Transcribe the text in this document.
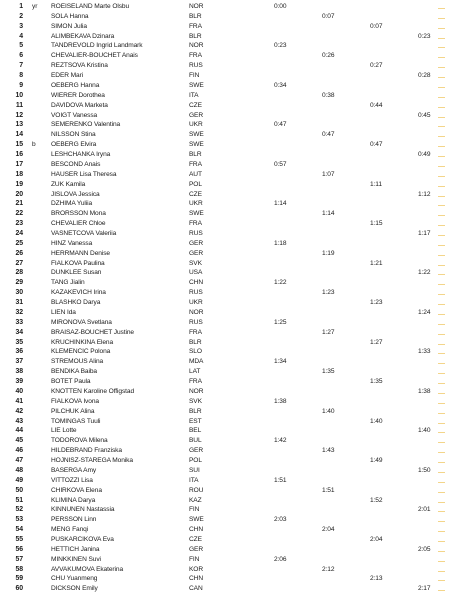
1 yr ROEISELAND Marte Olsbu	NOR	0:00
2	SOLA Hanna	BLR	0:07
3	SIMON Julia	FRA	0:07
4	ALIMBEKAVA Dzinara	BLR	0:23
5	TANDREVOLD Ingrid Landmark	NOR	0:23
6	CHEVALIER-BOUCHET Anais	FRA	0:26
7	REZTSOVA Kristina	RUS	0:27
8	EDER Mari	FIN	0:28
9	OEBERG Hanna	SWE	0:34
10	WIERER Dorothea	ITA	0:38
11	DAVIDOVA Marketa	CZE	0:44
12	VOIGT Vanessa	GER	0:45
13	SEMERENKO Valentina	UKR	0:47
14	NILSSON Stina	SWE	0:47
15 b OEBERG Elvira	SWE	0:47
16	LESHCHANKA Iryna	BLR	0:49
17	BESCOND Anais	FRA	0:57
18	HAUSER Lisa Theresa	AUT	1:07
19	ZUK Kamila	POL	1:11
20	JISLOVA Jessica	CZE	1:12
21	DZHIMA Yuliia	UKR	1:14
22	BRORSSON Mona	SWE	1:14
23	CHEVALIER Chloe	FRA	1:15
24	VASNETCOVA Valeriia	RUS	1:17
25	HINZ Vanessa	GER	1:18
26	HERRMANN Denise	GER	1:19
27	FIALKOVA Paulina	SVK	1:21
28	DUNKLEE Susan	USA	1:22
29	TANG Jialin	CHN	1:22
30	KAZAKEVICH Irina	RUS	1:23
31	BLASHKO Darya	UKR	1:23
32	LIEN Ida	NOR	1:24
33	MIRONOVA Svetlana	RUS	1:25
34	BRAISAZ-BOUCHET Justine	FRA	1:27
35	KRUCHINKINA Elena	BLR	1:27
36	KLEMENCIC Polona	SLO	1:33
37	STREMOUS Alina	MDA	1:34
38	BENDIKA Baiba	LAT	1:35
39	BOTET Paula	FRA	1:35
40	KNOTTEN Karoline Offigstad	NOR	1:38
41	FIALKOVA Ivona	SVK	1:38
42	PILCHUK Alina	BLR	1:40
43	TOMINGAS Tuuli	EST	1:40
44	LIE Lotte	BEL	1:40
45	TODOROVA Milena	BUL	1:42
46	HILDEBRAND Franziska	GER	1:43
47	HOJNISZ-STAREGA Monika	POL	1:49
48	BASERGA Amy	SUI	1:50
49	VITTOZZI Lisa	ITA	1:51
50	CHIRKOVA Elena	ROU	1:51
51	KLIMINA Darya	KAZ	1:52
52	KINNUNEN Nastassia	FIN	2:01
53	PERSSON Linn	SWE	2:03
54	MENG Fanqi	CHN	2:04
55	PUSKARCIKOVA Eva	CZE	2:04
56	HETTICH Janina	GER	2:05
57	MINKKINEN Suvi	FIN	2:06
58	AVVAKUMOVA Ekaterina	KOR	2:12
59	CHU Yuanmeng	CHN	2:13
60	DICKSON Emily	CAN	2:17
